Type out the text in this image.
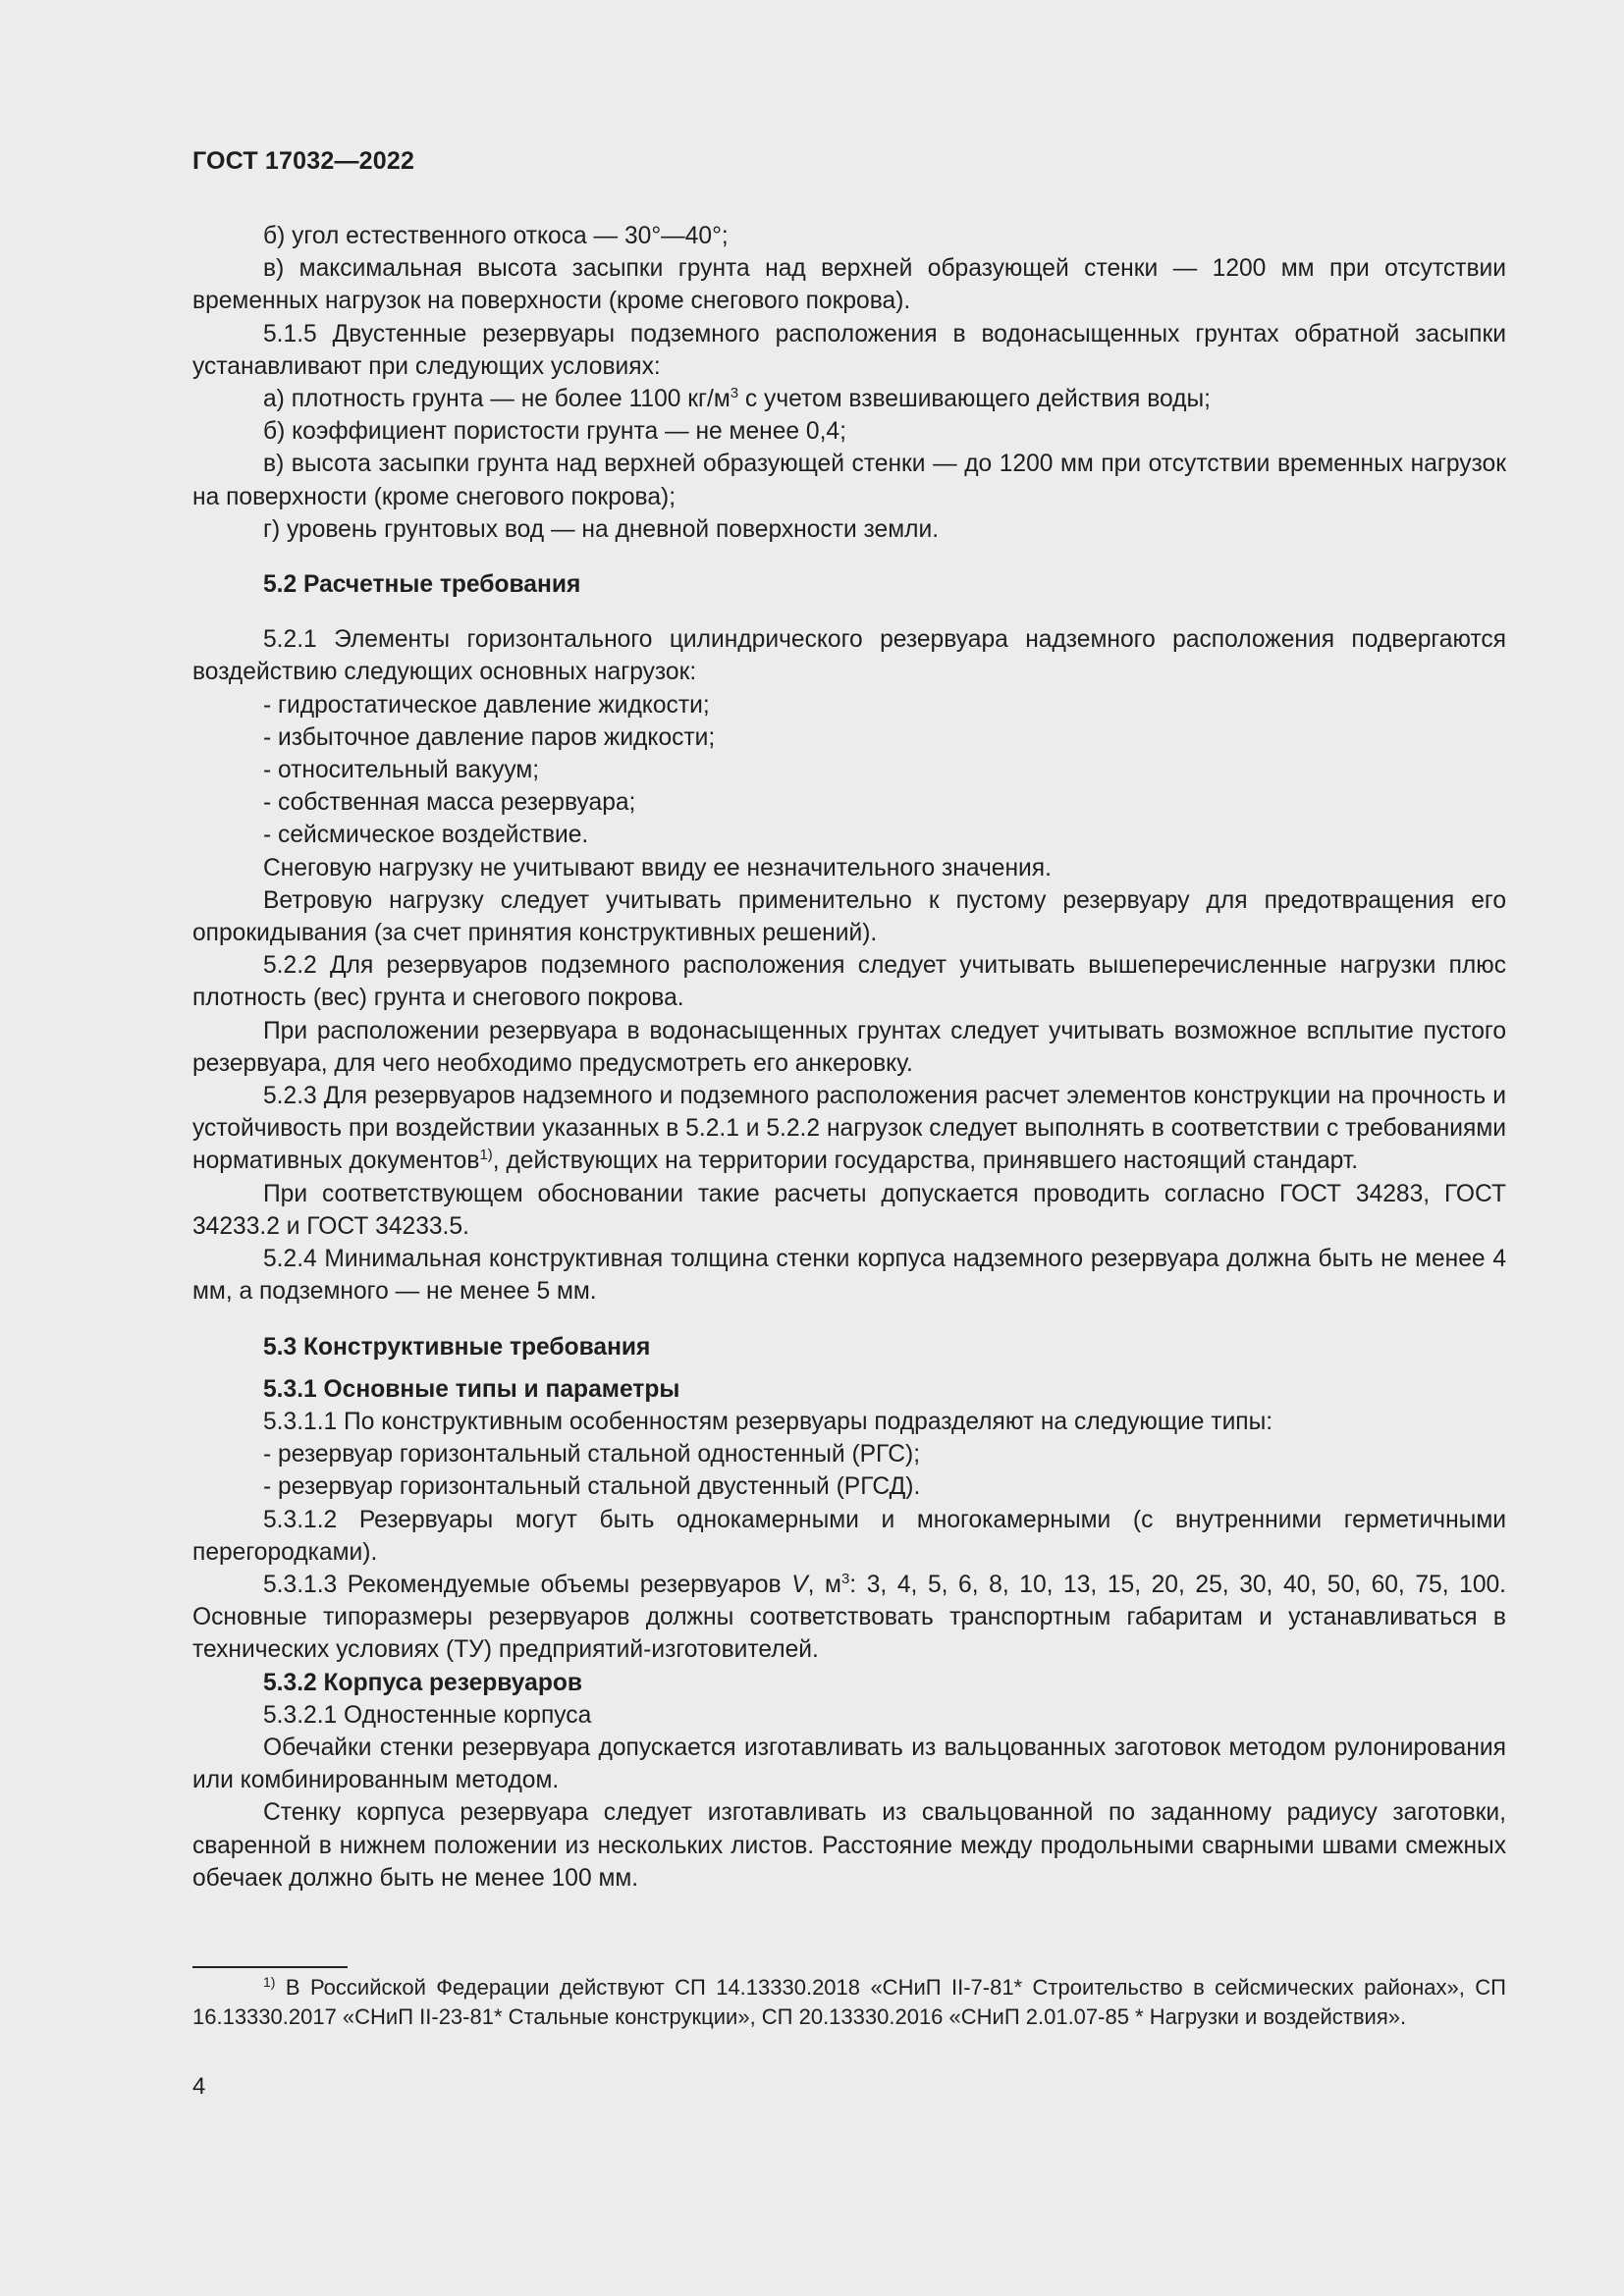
ГОСТ 17032—2022

б) угол естественного откоса — 30°—40°;

в) максимальная высота засыпки грунта над верхней образующей стенки — 1200 мм при отсутствии временных нагрузок на поверхности (кроме снегового покрова).

5.1.5 Двустенные резервуары подземного расположения в водонасыщенных грунтах обратной засыпки устанавливают при следующих условиях:

а) плотность грунта — не более 1100 $кг/м^3$ с учетом взвешивающего действия воды;

б) коэффициент пористости грунта — не менее 0,4;

в) высота засыпки грунта над верхней образующей стенки — до 1200 мм при отсутствии временных нагрузок на поверхности (кроме снегового покрова);

г) уровень грунтовых вод — на дневной поверхности земли.

5.2 Расчетные требования

5.2.1 Элементы горизонтального цилиндрического резервуара надземного расположения подвергаются воздействию следующих основных нагрузок:

- гидростатическое давление жидкости;

- избыточное давление паров жидкости;

- относительный вакуум;

- собственная масса резервуара;

- сейсмическое воздействие.

Снеговую нагрузку не учитывают ввиду ее незначительного значения.

Ветровую нагрузку следует учитывать применительно к пустому резервуару для предотвращения его опрокидывания (за счет принятия конструктивных решений).

5.2.2 Для резервуаров подземного расположения следует учитывать вышеперечисленные нагрузки плюс плотность (вес) грунта и снегового покрова.

При расположении резервуара в водонасыщенных грунтах следует учитывать возможное всплытие пустого резервуара, для чего необходимо предусмотреть его анкеровку.

5.2.3 Для резервуаров надземного и подземного расположения расчет элементов конструкции на прочность и устойчивость при воздействии указанных в 5.2.1 и 5.2.2 нагрузок следует выполнять в соответствии с требованиями нормативных документов$^{1)}$, действующих на территории государства, принявшего настоящий стандарт.

При соответствующем обосновании такие расчеты допускается проводить согласно ГОСТ 34283, ГОСТ 34233.2 и ГОСТ 34233.5.

5.2.4 Минимальная конструктивная толщина стенки корпуса надземного резервуара должна быть не менее 4 мм, а подземного — не менее 5 мм.

5.3 Конструктивные требования
5.3.1 Основные типы и параметры

5.3.1.1 По конструктивным особенностям резервуары подразделяют на следующие типы:

- резервуар горизонтальный стальной одностенный (РГС);

- резервуар горизонтальный стальной двустенный (РГСД).

5.3.1.2 Резервуары могут быть однокамерными и многокамерными (с внутренними герметичными перегородками).

5.3.1.3 Рекомендуемые объемы резервуаров V, $м^3$: 3, 4, 5, 6, 8, 10, 13, 15, 20, 25, 30, 40, 50, 60, 75, 100. Основные типоразмеры резервуаров должны соответствовать транспортным габаритам и устанавливаться в технических условиях (ТУ) предприятий-изготовителей.

5.3.2 Корпуса резервуаров

5.3.2.1 Одностенные корпуса

Обечайки стенки резервуара допускается изготавливать из вальцованных заготовок методом рулонирования или комбинированным методом.

Стенку корпуса резервуара следует изготавливать из свальцованной по заданному радиусу заготовки, сваренной в нижнем положении из нескольких листов. Расстояние между продольными сварными швами смежных обечаек должно быть не менее 100 мм.

$^{1)}$ В Российской Федерации действуют СП 14.13330.2018 «СНиП II-7-81* Строительство в сейсмических районах», СП 16.13330.2017 «СНиП II-23-81* Стальные конструкции», СП 20.13330.2016 «СНиП 2.01.07-85 * Нагрузки и воздействия».
4
